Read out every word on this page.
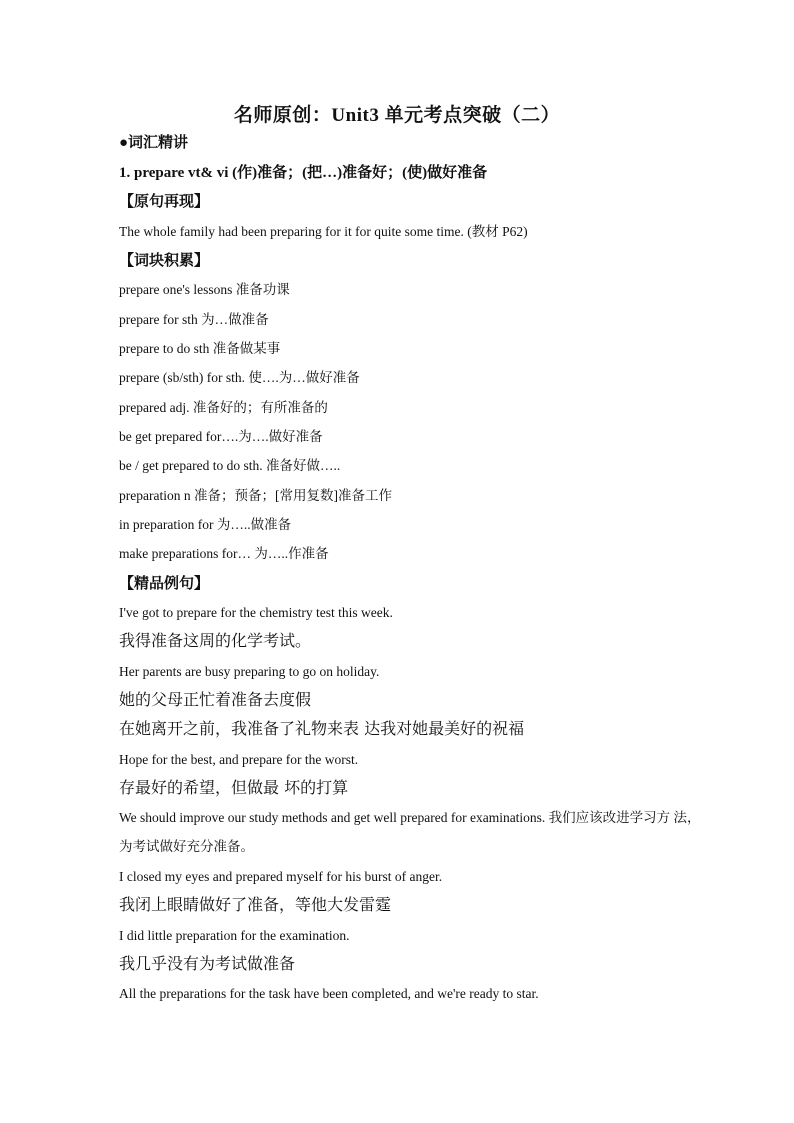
名师原创：Unit3 单元考点突破（二）
●词汇精讲
1. prepare vt& vi (作)准备；(把…)准备好；(使)做好准备
【原句再现】
The whole family had been preparing for it for quite some time. (教材 P62)
【词块积累】
prepare one's lessons 准备功课
prepare for sth 为…做准备
prepare to do sth 准备做某事
prepare (sb/sth) for sth. 使….为…做好准备
prepared adj. 准备好的；有所准备的
be get prepared for….为….做好准备
be / get prepared to do sth. 准备好做…..
preparation n 准备；预备；[常用复数]准备工作
in preparation for 为…..做准备
make preparations for… 为…..作准备
【精品例句】
I've got to prepare for the chemistry test this week.
我得准备这周的化学考试。
Her parents are busy preparing to go on holiday.
她的父母正忙着准备去度假
在她离开之前，我准备了礼物来表 达我对她最美好的祝福
Hope for the best, and prepare for the worst.
存最好的希望，但做最 坏的打算
We should improve our study methods and get well prepared for examinations. 我们应该改进学习方 法，为考试做好充分准备。
I closed my eyes and prepared myself for his burst of anger.
我闭上眼睛做好了准备，等他大发雷霆
I did little preparation for the examination.
我几乎没有为考试做准备
All the preparations for the task have been completed, and we're ready to star.
